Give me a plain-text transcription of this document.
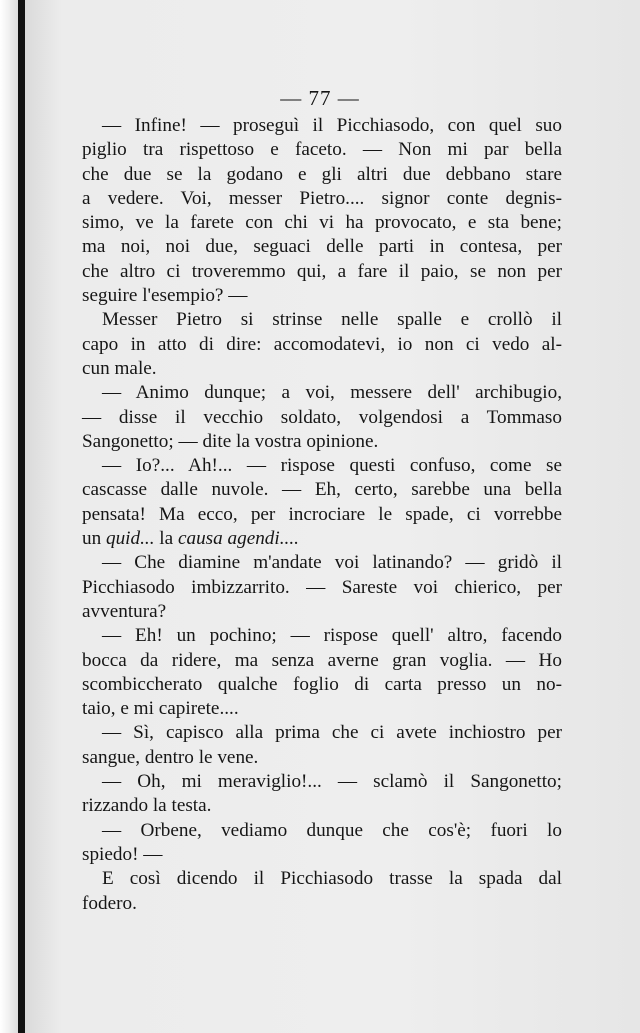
— 77 —
— Infine! — proseguì il Picchiasodo, con quel suo
piglio tra rispettoso e faceto. — Non mi par bella
che due se la godano e gli altri due debbano stare
a vedere. Voi, messer Pietro.... signor conte degnis-
simo, ve la farete con chi vi ha provocato, e sta bene;
ma noi, noi due, seguaci delle parti in contesa, per
che altro ci troveremmo qui, a fare il paio, se non per
seguire l'esempio? —
Messer Pietro si strinse nelle spalle e crollò il
capo in atto di dire: accomodatevi, io non ci vedo al-
cun male.
— Animo dunque; a voi, messere dell' archibugio,
— disse il vecchio soldato, volgendosi a Tommaso
Sangonetto; — dite la vostra opinione.
— Io?... Ah!... — rispose questi confuso, come se
cascasse dalle nuvole. — Eh, certo, sarebbe una bella
pensata! Ma ecco, per incrociare le spade, ci vorrebbe
un quid... la causa agendi....
— Che diamine m'andate voi latinando? — gridò il
Picchiasodo imbizzarrito. — Sareste voi chierico, per
avventura?
— Eh! un pochino; — rispose quell' altro, facendo
bocca da ridere, ma senza averne gran voglia. — Ho
scombiccherato qualche foglio di carta presso un no-
taio, e mi capirete....
— Sì, capisco alla prima che ci avete inchiostro per
sangue, dentro le vene.
— Oh, mi meraviglio!... — sclamò il Sangonetto;
rizzando la testa.
— Orbene, vediamo dunque che cos'è; fuori lo
spiedo! —
E così dicendo il Picchiasodo trasse la spada dal
fodero.
